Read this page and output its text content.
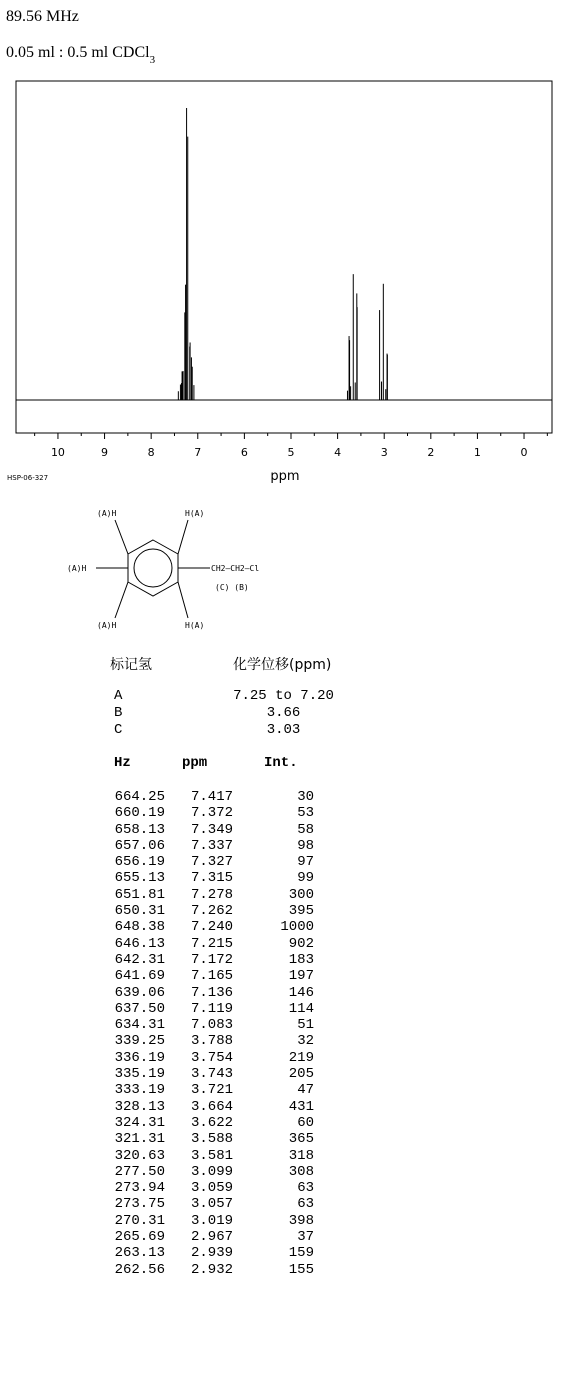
89.56 MHz
0.05 ml : 0.5 ml CDCl$_3$
10	9	8	7	6	5	4	3	2	1	0
ppm
HSP-06-327
(A)H	H(A)
(A)H
(A)H	H(A)
CH2—CH2—Cl
(C) (B)
标记氢	化学位移(ppm)
A	7.25 to 7.20
B	3.66
C	3.03
Hz	ppm	Int.
664.25	7.417	30
660.19	7.372	53
658.13	7.349	58
657.06	7.337	98
656.19	7.327	97
655.13	7.315	99
651.81	7.278	300
650.31	7.262	395
648.38	7.240	1000
646.13	7.215	902
642.31	7.172	183
641.69	7.165	197
639.06	7.136	146
637.50	7.119	114
634.31	7.083	51
339.25	3.788	32
336.19	3.754	219
335.19	3.743	205
333.19	3.721	47
328.13	3.664	431
324.31	3.622	60
321.31	3.588	365
320.63	3.581	318
277.50	3.099	308
273.94	3.059	63
273.75	3.057	63
270.31	3.019	398
265.69	2.967	37
263.13	2.939	159
262.56	2.932	155
